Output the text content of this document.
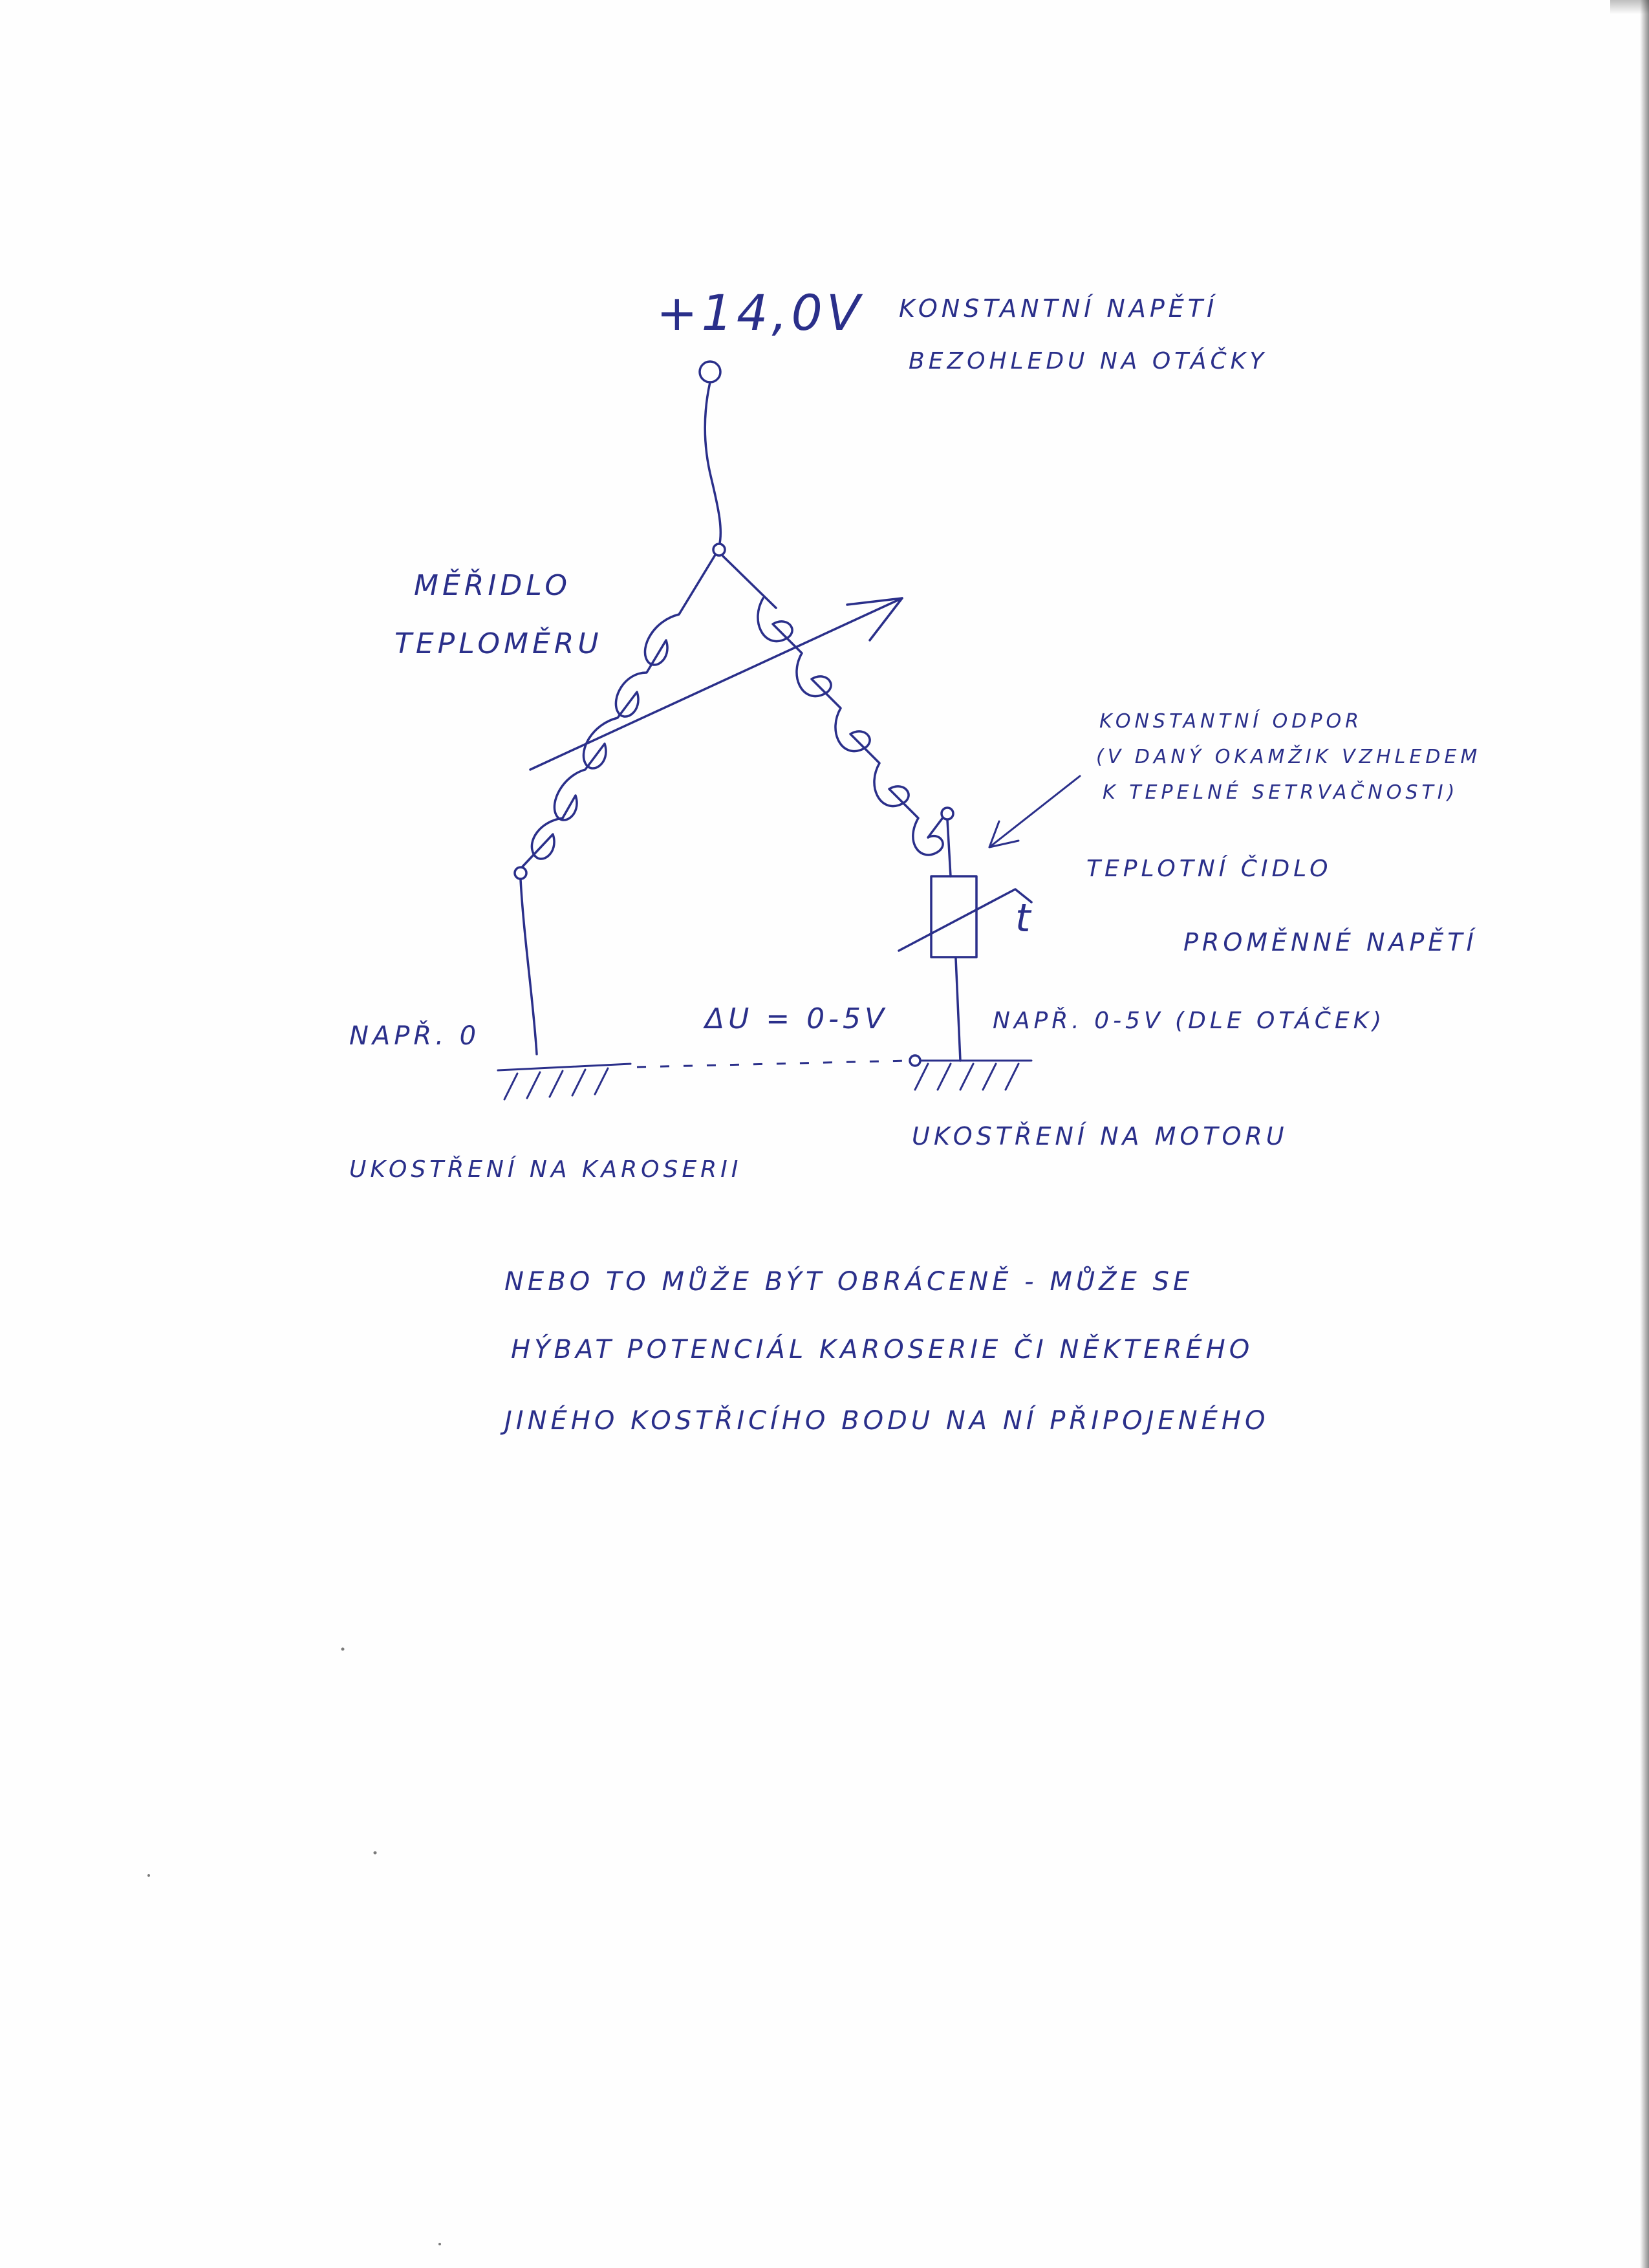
+14,0V KONSTANTNÍ NAPĚTÍ
BEZOHLEDU NA OTÁČKY
MĚŘIDLO
TEPLOMĚRU
KONSTANTNÍ ODPOR
(V DANÝ OKAMŽIK VZHLEDEM
K TEPELNÉ SETRVAČNOSTI)
TEPLOTNÍ ČIDLO
t
PROMĚNNÉ NAPĚTÍ
NAPŘ. 0
ΔU = 0-5V	NAPŘ. 0-5V (DLE OTÁČEK)
UKOSTŘENÍ NA KAROSERII
UKOSTŘENÍ NA MOTORU
NEBO TO MŮŽE BÝT OBRÁCENĚ - MŮŽE SE
HÝBAT POTENCIÁL KAROSERIE ČI NĚKTERÉHO
JINÉHO KOSTŘICÍHO BODU NA NÍ PŘIPOJENÉHO
